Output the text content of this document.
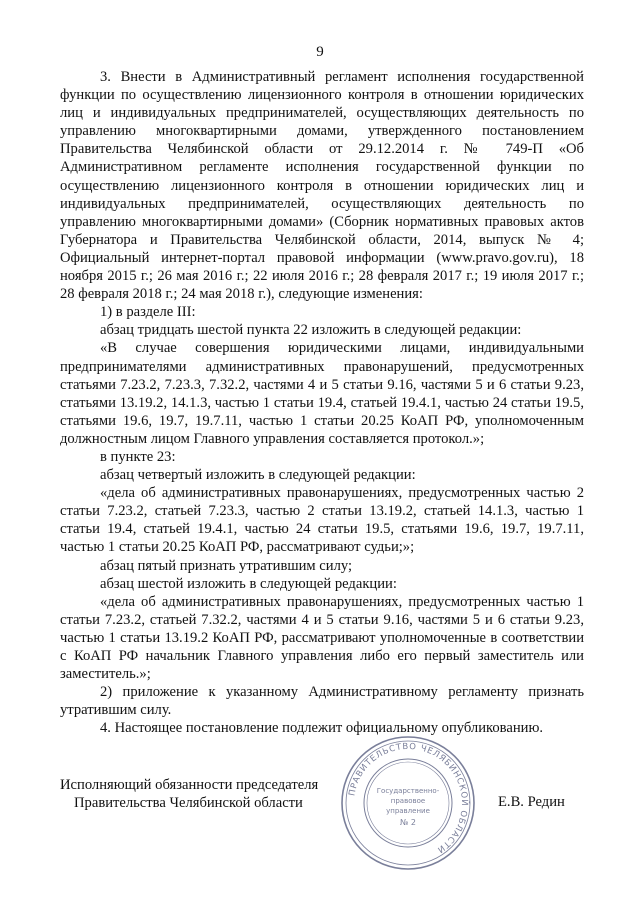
9

3. Внести в Административный регламент исполнения государственной функции по осуществлению лицензионного контроля в отношении юридических лиц и индивидуальных предпринимателей, осуществляющих деятельность по управлению многоквартирными домами, утвержденного постановлением Правительства Челябинской области от 29.12.2014 г. № 749-П «Об Административном регламенте исполнения государственной функции по осуществлению лицензионного контроля в отношении юридических лиц и индивидуальных предпринимателей, осуществляющих деятельность по управлению многоквартирными домами» (Сборник нормативных правовых актов Губернатора и Правительства Челябинской области, 2014, выпуск № 4; Официальный интернет-портал правовой информации (www.pravo.gov.ru), 18 ноября 2015 г.; 26 мая 2016 г.; 22 июля 2016 г.; 28 февраля 2017 г.; 19 июля 2017 г.; 28 февраля 2018 г.; 24 мая 2018 г.), следующие изменения:

1) в разделе III:

абзац тридцать шестой пункта 22 изложить в следующей редакции:

«В случае совершения юридическими лицами, индивидуальными предпринимателями административных правонарушений, предусмотренных статьями 7.23.2, 7.23.3, 7.32.2, частями 4 и 5 статьи 9.16, частями 5 и 6 статьи 9.23, статьями 13.19.2, 14.1.3, частью 1 статьи 19.4, статьей 19.4.1, частью 24 статьи 19.5, статьями 19.6, 19.7, 19.7.11, частью 1 статьи 20.25 КоАП РФ, уполномоченным должностным лицом Главного управления составляется протокол.»;

в пункте 23:

абзац четвертый изложить в следующей редакции:

«дела об административных правонарушениях, предусмотренных частью 2 статьи 7.23.2, статьей 7.23.3, частью 2 статьи 13.19.2, статьей 14.1.3, частью 1 статьи 19.4, статьей 19.4.1, частью 24 статьи 19.5, статьями 19.6, 19.7, 19.7.11, частью 1 статьи 20.25 КоАП РФ, рассматривают судьи;»;

абзац пятый признать утратившим силу;

абзац шестой изложить в следующей редакции:

«дела об административных правонарушениях, предусмотренных частью 1 статьи 7.23.2, статьей 7.32.2, частями 4 и 5 статьи 9.16, частями 5 и 6 статьи 9.23, частью 1 статьи 13.19.2 КоАП РФ, рассматривают уполномоченные в соответствии с КоАП РФ начальник Главного управления либо его первый заместитель или заместитель.»;

2) приложение к указанному Административному регламенту признать утратившим силу.

4. Настоящее постановление подлежит официальному опубликованию.

Исполняющий обязанности председателя
Правительства Челябинской области	Е.В. Редин
ПРАВИТЕЛЬСТВО ЧЕЛЯБИНСКОЙ ОБЛАСТИ
Государственно-
правовое
управление
№ 2
